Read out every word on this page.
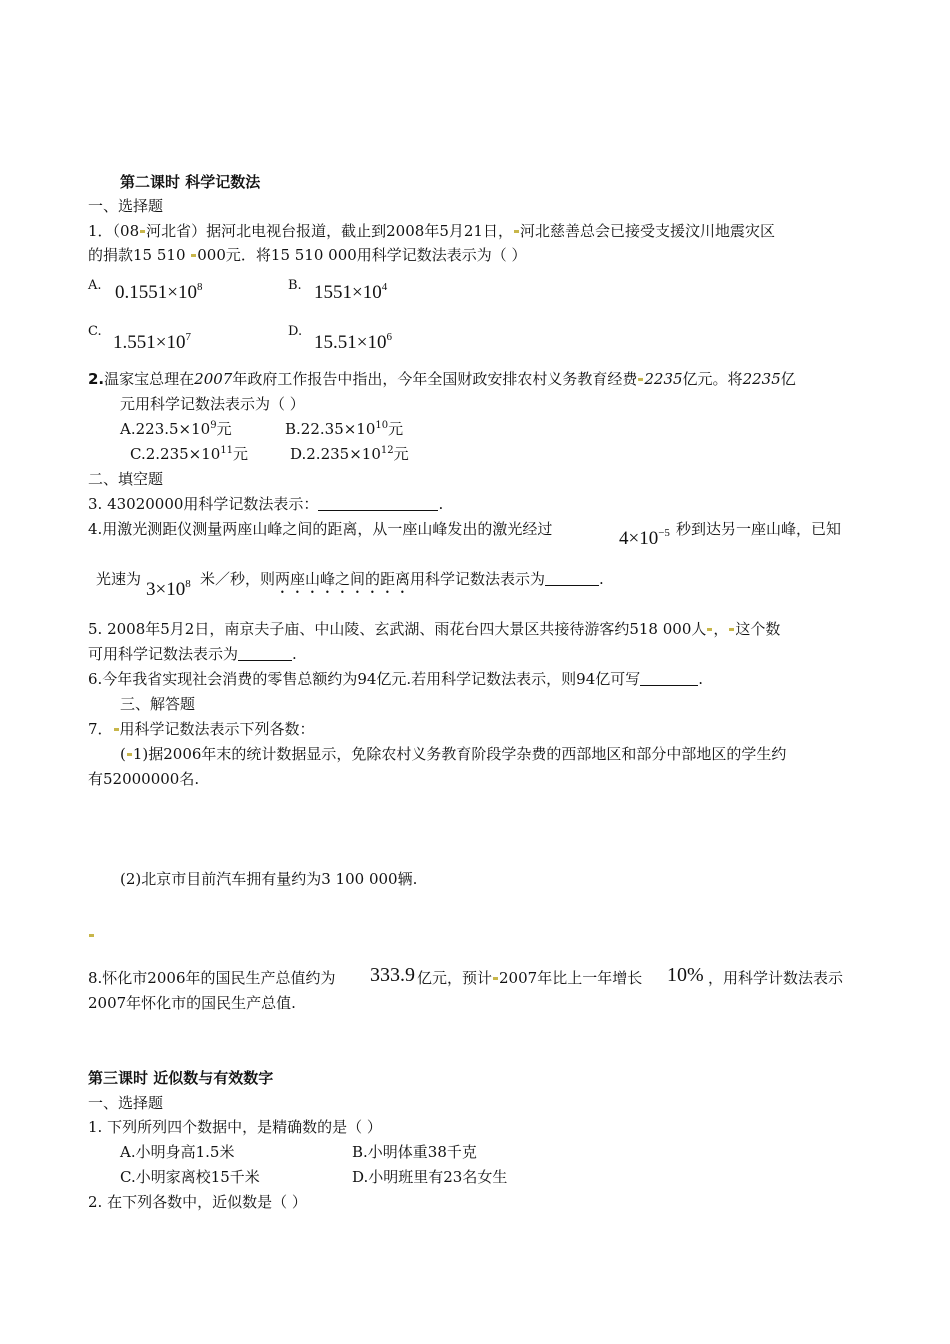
第二课时 科学记数法
一、选择题
1．（08 河北省）据河北电视台报道，截止到2008年5月21日， 河北慈善总会已接受支援汶川地震灾区
的捐款15 510 000元．将15 510 000用科学记数法表示为（ ）
A. $0.1551\times 10^8$	B. $1551\times 10^4$
C.
$1.551\times 10^7$	D.
$15.51\times 10^6$
2.温家宝总理在2007年政府工作报告中指出，今年全国财政安排农村义务教育经费 2235亿元。将2235亿
元用科学记数法表示为（ ）
$A.223.5\times 10^9$元	$B.22.35\times 10^{10}$元
$C.2.235\times 10^{11}$元	$D.2.235\times 10^{12}$元
二、填空题
3. 43020000用科学记数法表示：	.
4.用激光测距仪测量两座山峰之间的距离，从一座山峰发出的激光经过	$4\times 10^{-5}$ 秒到达另一座山峰，已知
光速为 $3\times 10^8$ 米／秒，则两座山峰之间的距离用科学记数法表示为	.
5. 2008年5月2日，南京夫子庙、中山陵、玄武湖、雨花台四大景区共接待游客约518 000人 ， 这个数
可用科学记数法表示为	.
6.今年我省实现社会消费的零售总额约为94亿元.若用科学记数法表示，则94亿可写	.
三、解答题
7． 用科学记数法表示下列各数：
( 1)据2006年末的统计数据显示，免除农村义务教育阶段学杂费的西部地区和部分中部地区的学生约
有52000000名.
(2)北京市目前汽车拥有量约为3 100 000辆.
8.怀化市2006年的国民生产总值约为 333.9 亿元，预计 2007年比上一年增长 10% ，用科学计数法表示
2007年怀化市的国民生产总值.
第三课时 近似数与有效数字
一、选择题
1. 下列所列四个数据中，是精确数的是（ ）
A.小明身高1.5米	B.小明体重38千克
C.小明家离校15千米	D.小明班里有23名女生
2. 在下列各数中，近似数是（ ）
